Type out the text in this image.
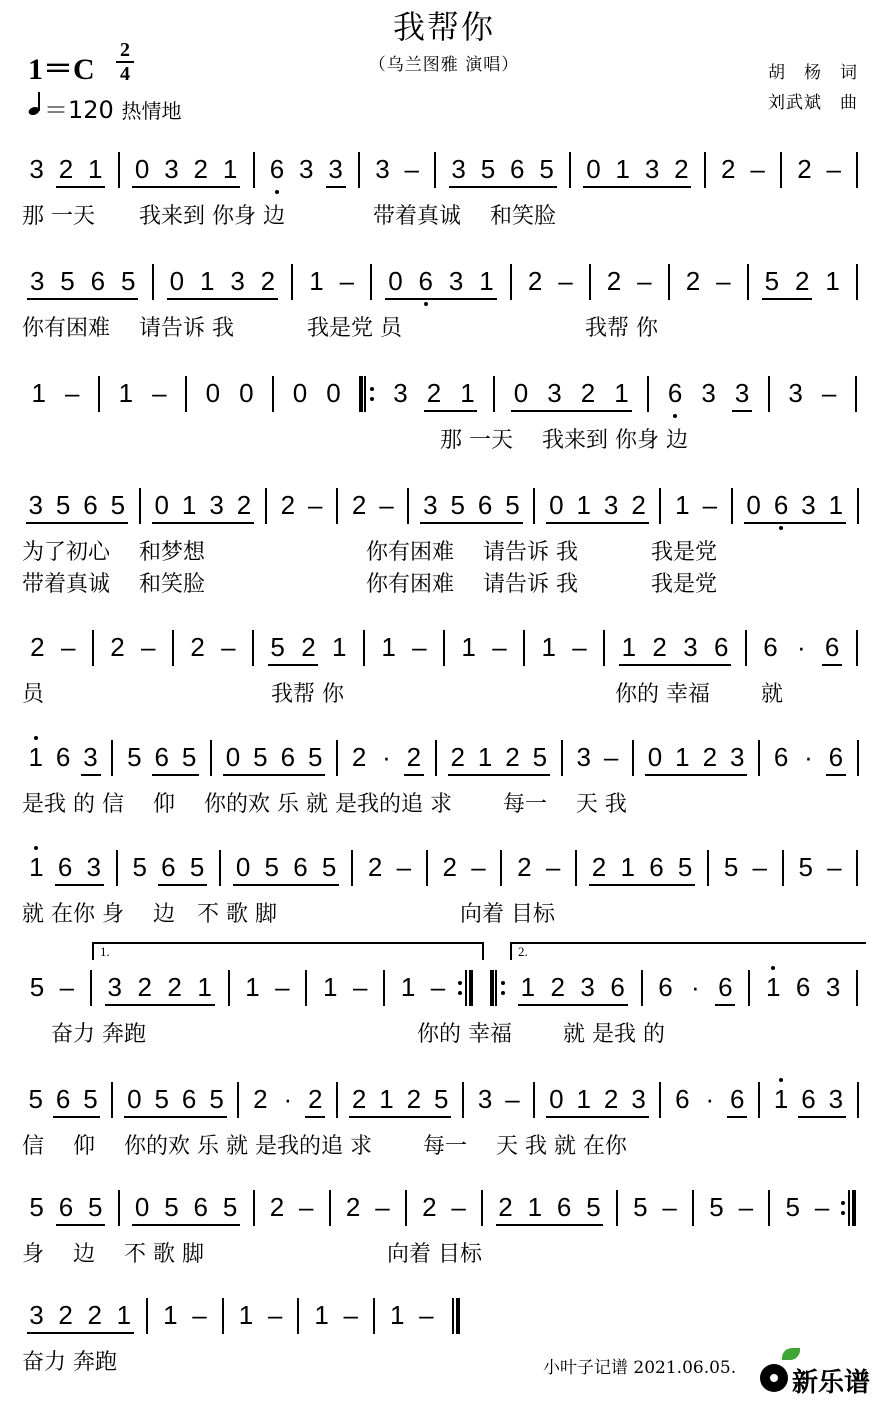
我帮你
（乌兰图雅 演唱）
1＝C
2
4
＝120 热情地
胡　杨　词
刘武斌　曲
3 2 1 0 3 2 1 6 3 3 3 – 3 5 6 5 0 1 3 2 2 – 2 –
那 一天　　我来到 你身 边　　　　带着真诚　 和笑脸
3 5 6 5 0 1 3 2 1 – 0 6 3 1 2 – 2 – 2 – 5 2 1
你有困难　 请告诉 我　　　 我是党 员　　　　　　　　 我帮 你
1 – 1 – 0 0 0 0 3 2 1 0 3 2 1 6 3 3 3 –
　　　　　　　　　　　　　　　　　　　那 一天　 我来到 你身 边
3 5 6 5 0 1 3 2 2 – 2 – 3 5 6 5 0 1 3 2 1 – 0 6 3 1
为了初心　 和梦想　　　　　　　 你有困难　 请告诉 我　　　 我是党
带着真诚　 和笑脸　　　　　　　 你有困难　 请告诉 我　　　 我是党
2 – 2 – 2 – 5 2 1 1 – 1 – 1 – 1 2 3 6 6 · 6
员　　　　　　　　　　 我帮 你　　　　　　　　　　　　 你的 幸福　　 就
1 6 3 5 6 5 0 5 6 5 2 · 2 2 1 2 5 3 – 0 1 2 3 6 · 6
是我 的 信　 仰　 你的欢 乐 就 是我的追 求　　 每一　 天 我
1 6 3 5 6 5 0 5 6 5 2 – 2 – 2 – 2 1 6 5 5 – 5 –
就 在你 身　 边　不 歌 脚　　　　　　　　 向着 目标
5 – 3 2 2 1 1 – 1 – 1 –	1 2 3 6 6 · 6 1 6 3
1.	2.
　 奋力 奔跑　　　　　　　　　　　　 你的 幸福　　 就 是我 的
5 6 5 0 5 6 5 2 · 2 2 1 2 5 3 – 0 1 2 3 6 · 6 1 6 3
信　 仰　 你的欢 乐 就 是我的追 求　　 每一　 天 我 就 在你
5 6 5 0 5 6 5 2 – 2 – 2 – 2 1 6 5 5 – 5 – 5 –
身　 边　 不 歌 脚　　　　　　　　 向着 目标
3 2 2 1 1 – 1 – 1 – 1 –
奋力 奔跑	小叶子记谱 2021.06.05. 新乐谱
